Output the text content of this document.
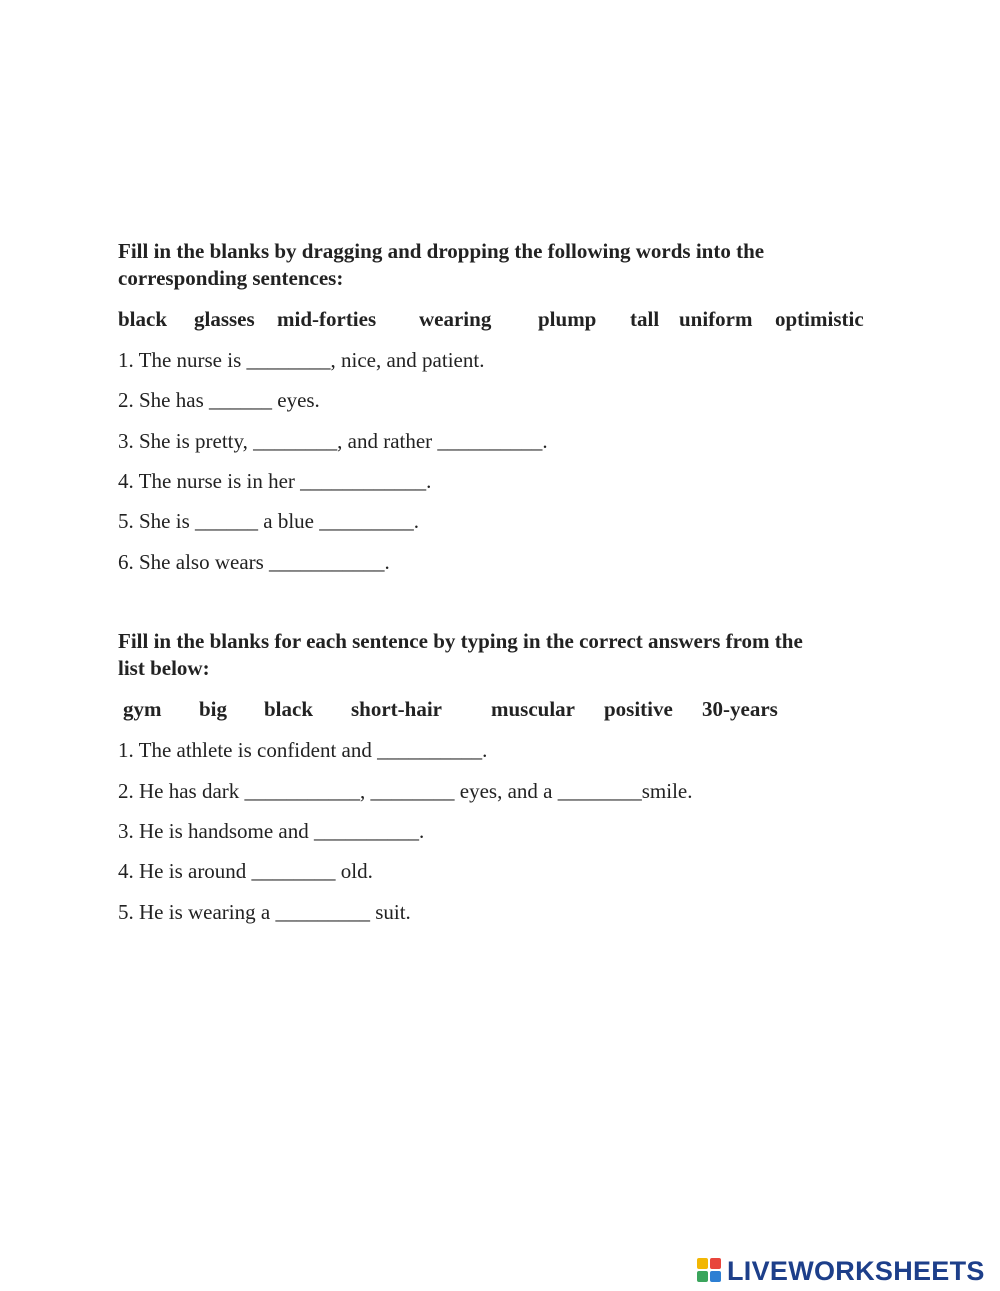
Fill in the blanks by dragging and dropping the following words into the
corresponding sentences:
black glasses mid-forties wearing plump tall uniform optimistic
1. The nurse is ________, nice, and patient.
2. She has ______ eyes.
3. She is pretty, ________, and rather __________.
4. The nurse is in her ____________.
5. She is ______ a blue _________.
6. She also wears ___________.
Fill in the blanks for each sentence by typing in the correct answers from the
list below:
gym big black short-hair muscular positive 30-years
1. The athlete is confident and __________.
2. He has dark ___________, ________ eyes, and a ________smile.
3. He is handsome and __________.
4. He is around ________ old.
5. He is wearing a _________ suit.
LIVEWORKSHEETS
